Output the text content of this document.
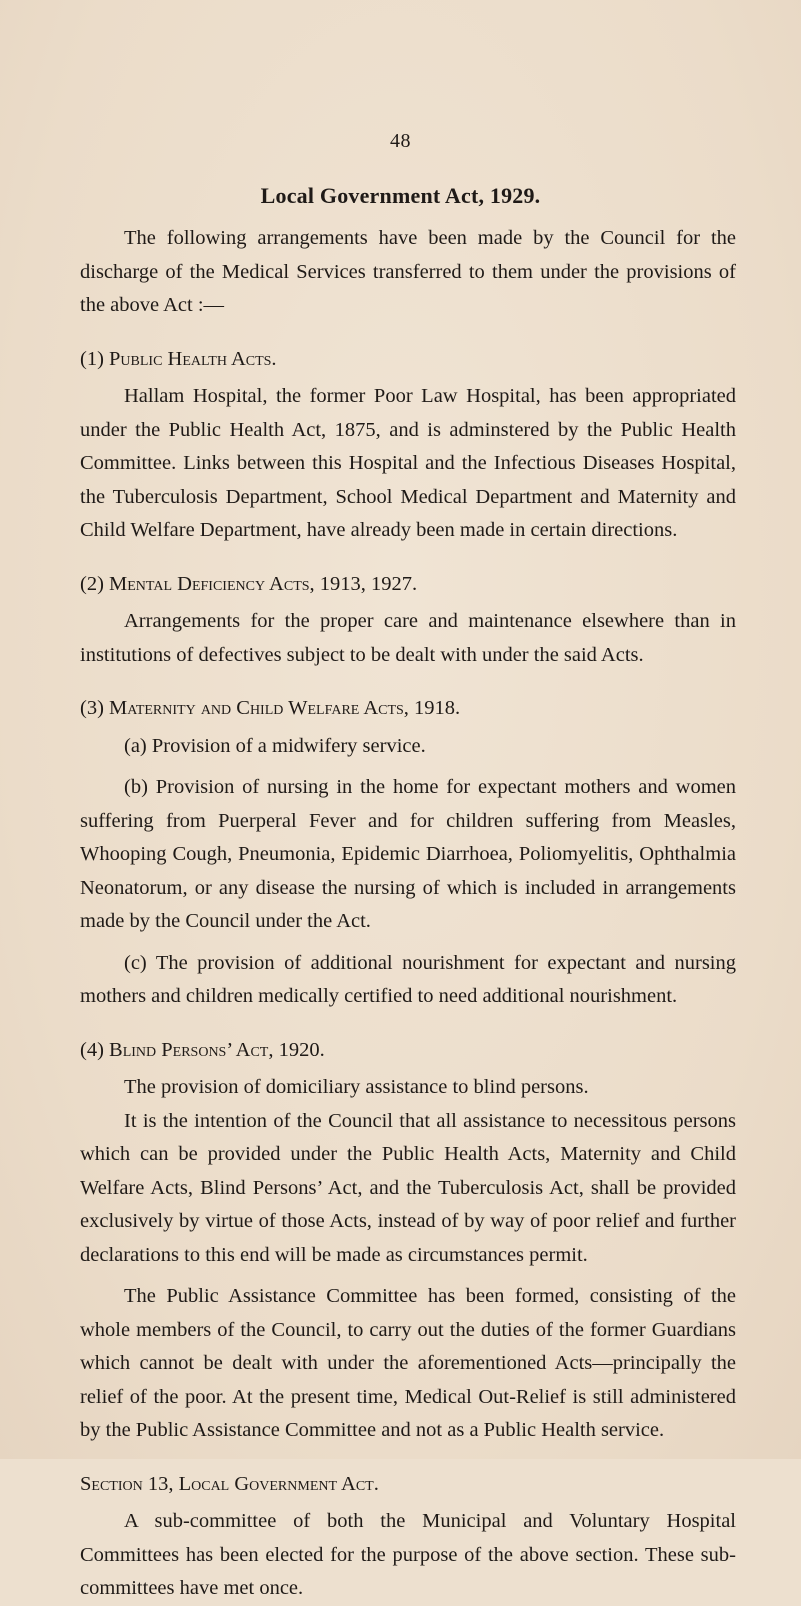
48
Local Government Act, 1929.

The following arrangements have been made by the Council for the discharge of the Medical Services transferred to them under the provisions of the above Act :—

(1) Public Health Acts.

Hallam Hospital, the former Poor Law Hospital, has been appropriated under the Public Health Act, 1875, and is adminstered by the Public Health Committee. Links between this Hospital and the Infectious Diseases Hospital, the Tuberculosis Department, School Medical Department and Maternity and Child Welfare Department, have already been made in certain directions.

(2) Mental Deficiency Acts, 1913, 1927.

Arrangements for the proper care and maintenance elsewhere than in institutions of defectives subject to be dealt with under the said Acts.

(3) Maternity and Child Welfare Acts, 1918.

(a) Provision of a midwifery service.

(b) Provision of nursing in the home for expectant mothers and women suffering from Puerperal Fever and for children suffering from Measles, Whooping Cough, Pneumonia, Epidemic Diarrhoea, Poliomyelitis, Ophthalmia Neonatorum, or any disease the nursing of which is included in arrangements made by the Council under the Act.

(c) The provision of additional nourishment for expectant and nursing mothers and children medically certified to need additional nourishment.

(4) Blind Persons’ Act, 1920.

The provision of domiciliary assistance to blind persons.

It is the intention of the Council that all assistance to necessitous persons which can be provided under the Public Health Acts, Maternity and Child Welfare Acts, Blind Persons’ Act, and the Tuberculosis Act, shall be provided exclusively by virtue of those Acts, instead of by way of poor relief and further declarations to this end will be made as circumstances permit.

The Public Assistance Committee has been formed, consisting of the whole members of the Council, to carry out the duties of the former Guardians which cannot be dealt with under the aforementioned Acts—principally the relief of the poor. At the present time, Medical Out-Relief is still administered by the Public Assistance Committee and not as a Public Health service.

Section 13, Local Government Act.

A sub-committee of both the Municipal and Voluntary Hospital Committees has been elected for the purpose of the above section. These sub-committees have met once.
